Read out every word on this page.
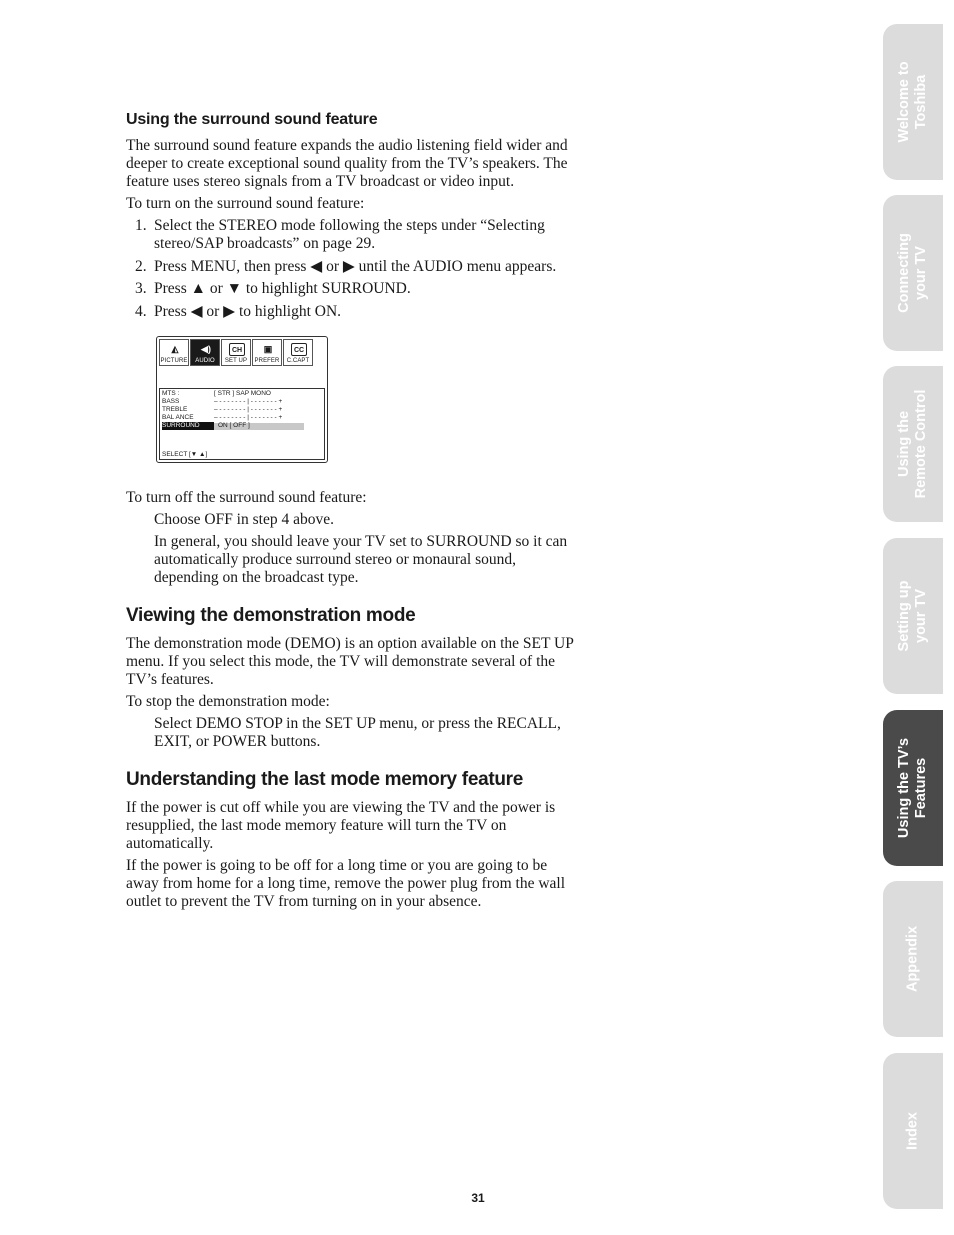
Using the surround sound feature

The surround sound feature expands the audio listening field wider and deeper to create exceptional sound quality from the TV’s speakers. The feature uses stereo signals from a TV broadcast or video input.

To turn on the surround sound feature:

1. Select the STEREO mode following the steps under “Selecting stereo/SAP broadcasts” on page 29.
2. Press MENU, then press ◀ or ▶ until the AUDIO menu appears.
3. Press ▲ or ▼ to highlight SURROUND.
4. Press ◀ or ▶ to highlight ON.

To turn off the surround sound feature:

Choose OFF in step 4 above.

In general, you should leave your TV set to SURROUND so it can automatically produce surround stereo or monaural sound, depending on the broadcast type.

Viewing the demonstration mode

The demonstration mode (DEMO) is an option available on the SET UP menu. If you select this mode, the TV will demonstrate several of the TV’s features.

To stop the demonstration mode:

Select DEMO STOP in the SET UP menu, or press the RECALL, EXIT, or POWER buttons.

Understanding the last mode memory feature

If the power is cut off while you are viewing the TV and the power is resupplied, the last mode memory feature will turn the TV on automatically.

If the power is going to be off for a long time or you are going to be away from home for a long time, remove the power plug from the wall outlet to prevent the TV from turning on in your absence.

◭
PICTURE
◀)
AUDIO
CH
SET UP
▣
PREFER
CC
C.CAPT
MTS :	[ STR ] SAP MONO
BASS	– - - - - - - - | - - - - - - - +
TREBLE	– - - - - - - - | - - - - - - - +
BAL ANCE	– - - - - - - - | - - - - - - - +
SURROUND	ON [ OFF ]
SELECT [▼ ▲]
Welcome to Toshiba
Connecting your TV
Using the Remote Control
Setting up your TV
Using the TV’s Features
Appendix
Index
31
